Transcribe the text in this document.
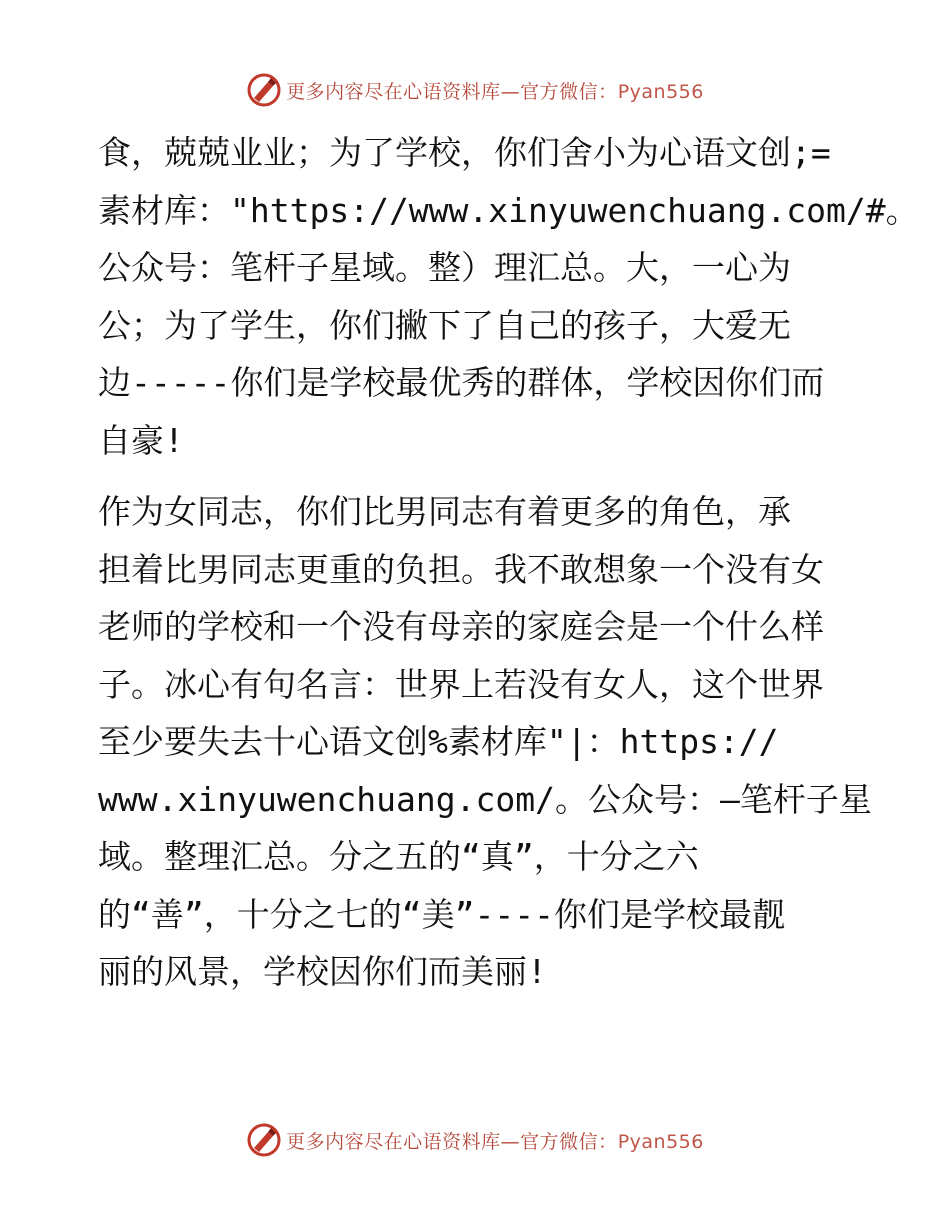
更多内容尽在心语资料库—官方微信：Pyan556
食，兢兢业业；为了学校，你们舍小为心语文创;=
素材库："https://www.xinyuwenchuang.com/#。
公众号：笔杆子星域。整）理汇总。大，一心为
公；为了学生，你们撇下了自己的孩子，大爱无
边-----你们是学校最优秀的群体，学校因你们而
自豪!
作为女同志，你们比男同志有着更多的角色，承
担着比男同志更重的负担。我不敢想象一个没有女
老师的学校和一个没有母亲的家庭会是一个什么样
子。冰心有句名言：世界上若没有女人，这个世界
至少要失去十心语文创%素材库"|：https://
www.xinyuwenchuang.com/。公众号：—笔杆子星
域。整理汇总。分之五的“真”，十分之六
的“善”，十分之七的“美”----你们是学校最靓
丽的风景，学校因你们而美丽!
更多内容尽在心语资料库—官方微信：Pyan556
